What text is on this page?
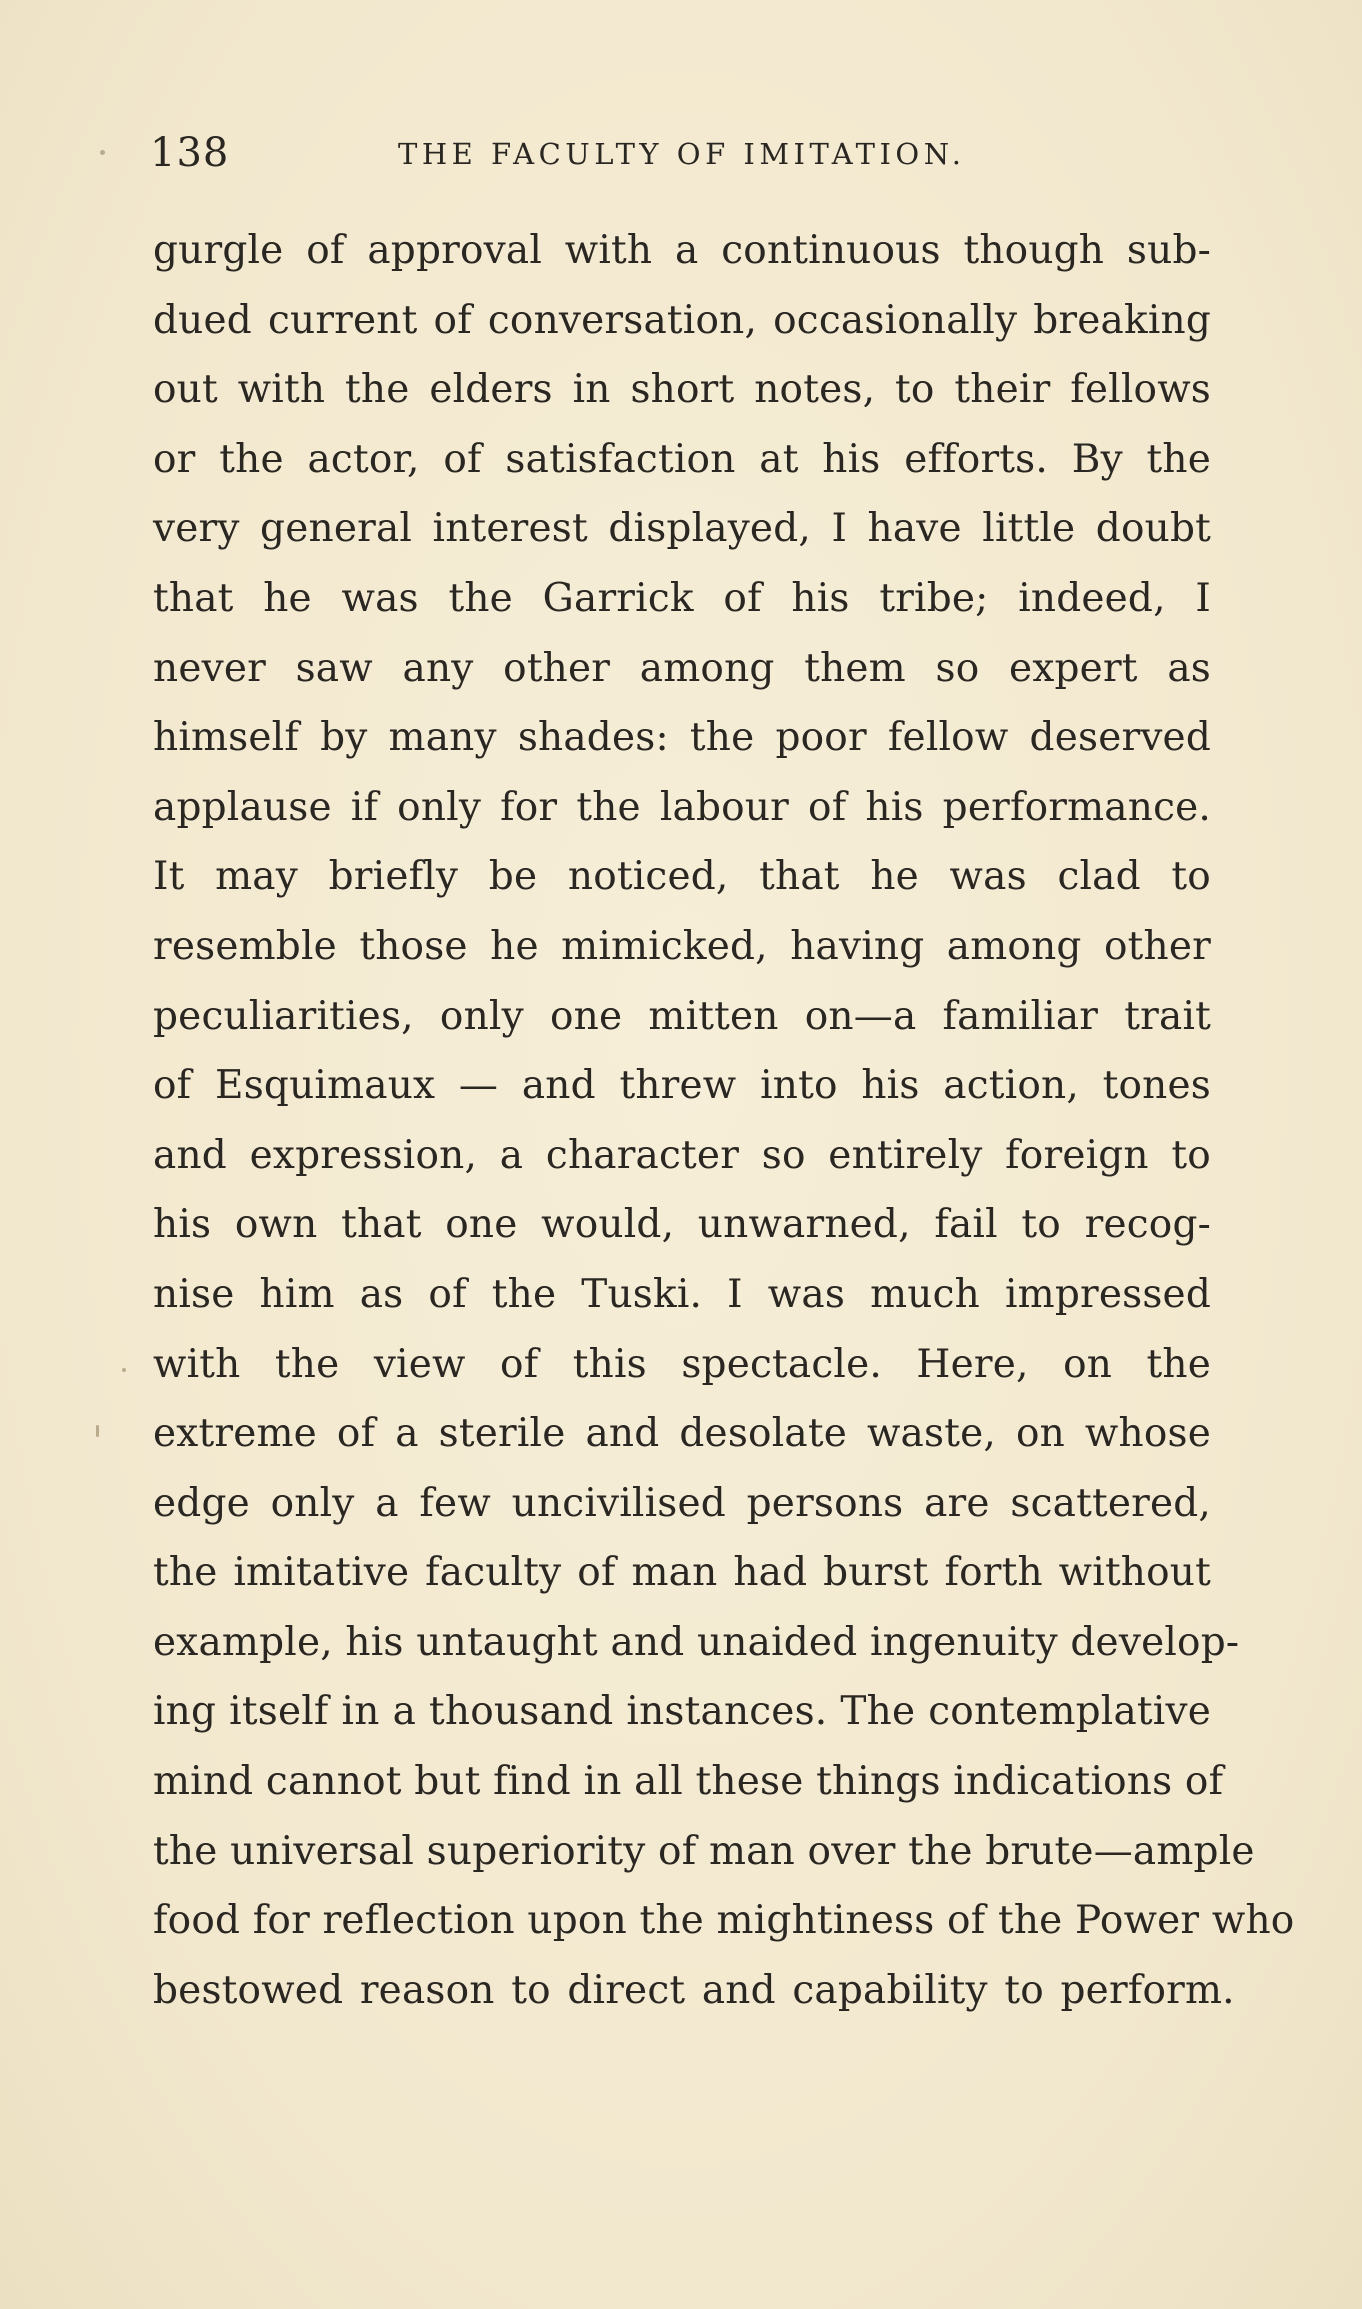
138	THE FACULTY OF IMITATION.
gurgle of approval with a continuous though sub-
dued current of conversation, occasionally breaking
out with the elders in short notes, to their fellows
or the actor, of satisfaction at his efforts. By the
very general interest displayed, I have little doubt
that he was the Garrick of his tribe; indeed, I
never saw any other among them so expert as
himself by many shades: the poor fellow deserved
applause if only for the labour of his performance.
It may briefly be noticed, that he was clad to
resemble those he mimicked, having among other
peculiarities, only one mitten on—a familiar trait
of Esquimaux — and threw into his action, tones
and expression, a character so entirely foreign to
his own that one would, unwarned, fail to recog-
nise him as of the Tuski. I was much impressed
with the view of this spectacle. Here, on the
extreme of a sterile and desolate waste, on whose
edge only a few uncivilised persons are scattered,
the imitative faculty of man had burst forth without
example, his untaught and unaided ingenuity develop-
ing itself in a thousand instances. The contemplative
mind cannot but find in all these things indications of
the universal superiority of man over the brute—ample
food for reflection upon the mightiness of the Power who
bestowed reason to direct and capability to perform.
